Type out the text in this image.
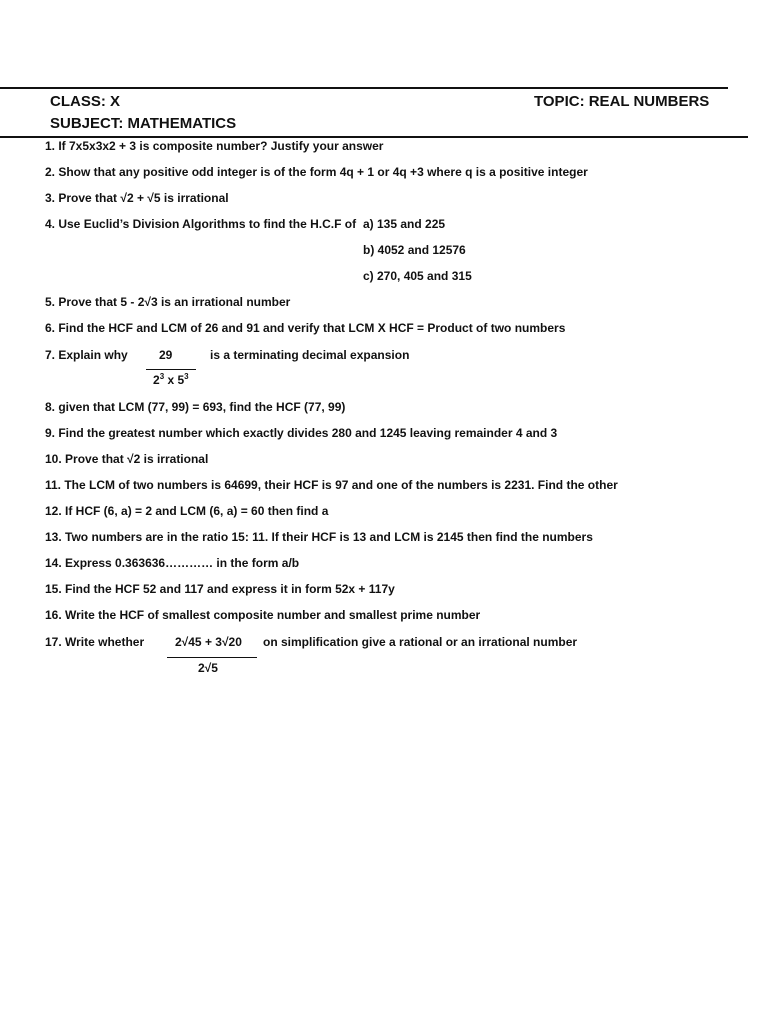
CLASS: X	TOPIC: REAL NUMBERS
SUBJECT: MATHEMATICS
1. If 7x5x3x2 + 3 is composite number? Justify your answer
2. Show that any positive odd integer is of the form 4q + 1 or 4q +3 where q is a positive integer
3. Prove that √2 + √5 is irrational
4. Use Euclid’s Division Algorithms to find the H.C.F of a) 135 and 225
b) 4052 and 12576
c) 270, 405 and 315
5. Prove that 5 - 2√3 is an irrational number
6. Find the HCF and LCM of 26 and 91 and verify that LCM X HCF = Product of two numbers
7. Explain why	29
$2^3$ x $5^3$
is a terminating decimal expansion
8. given that LCM (77, 99) = 693, find the HCF (77, 99)
9. Find the greatest number which exactly divides 280 and 1245 leaving remainder 4 and 3
10. Prove that √2 is irrational
11. The LCM of two numbers is 64699, their HCF is 97 and one of the numbers is 2231. Find the other
12. If HCF (6, a) = 2 and LCM (6, a) = 60 then find a
13. Two numbers are in the ratio 15: 11. If their HCF is 13 and LCM is 2145 then find the numbers
14. Express 0.363636………… in the form a/b
15. Find the HCF 52 and 117 and express it in form 52x + 117y
16. Write the HCF of smallest composite number and smallest prime number
17. Write whether	2√45 + 3√20
2√5
on simplification give a rational or an irrational number
